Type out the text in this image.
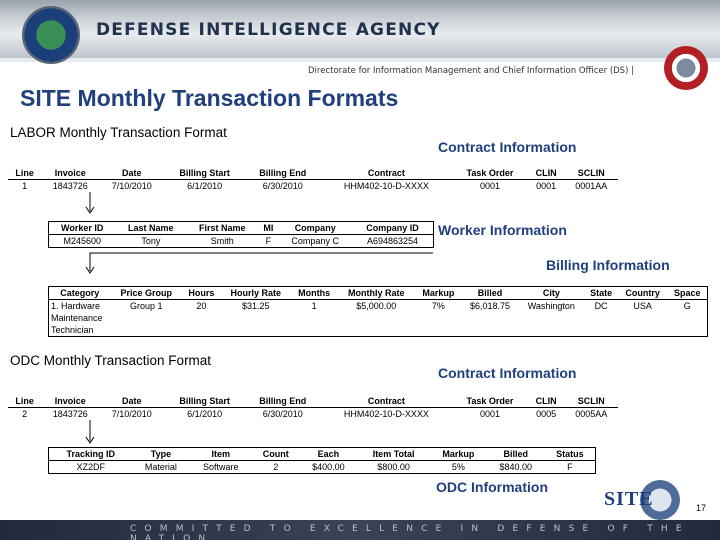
DEFENSE INTELLIGENCE AGENCY
Directorate for Information Management and Chief Information Officer (DS) |
SITE Monthly Transaction Formats
LABOR Monthly Transaction Format
Contract Information
Line	Invoice	Date	Billing Start	Billing End	Contract	Task Order	CLIN	SCLIN
1	1843726	7/10/2010	6/1/2010	6/30/2010	HHM402-10-D-XXXX	0001	0001	0001AA
Worker ID	Last Name	First Name	MI	Company	Company ID
M245600	Tony	Smith	F	Company C	A694863254
Worker Information
Billing Information
Category	Price Group	Hours	Hourly Rate	Months	Monthly Rate	Markup	Billed	City	State	Country	Space
1. Hardware Maintenance Technician	Group 1	20	$31.25	1	$5,000.00	7%	$6,018.75	Washington	DC	USA	G
ODC Monthly Transaction Format
Contract Information
Line	Invoice	Date	Billing Start	Billing End	Contract	Task Order	CLIN	SCLIN
2	1843726	7/10/2010	6/1/2010	6/30/2010	HHM402-10-D-XXXX	0001	0005	0005AA
Tracking ID	Type	Item	Count	Each	Item Total	Markup	Billed	Status
XZ2DF	Material	Software	2	$400.00	$800.00	5%	$840.00	F
ODC Information
SITE	17
COMMITTED TO EXCELLENCE IN DEFENSE OF THE NATION
